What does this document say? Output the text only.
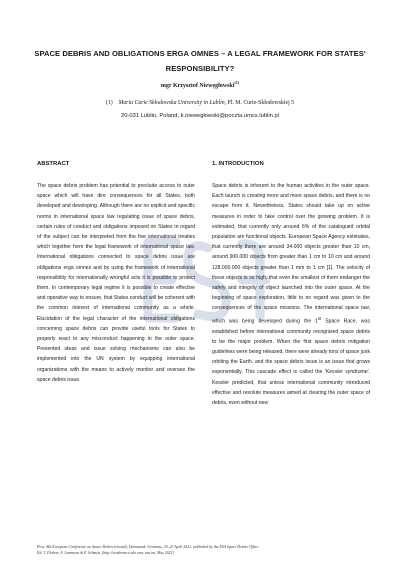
SPACE DEBRIS AND OBLIGATIONS ERGA OMNES – A LEGAL FRAMEWORK FOR STATES' RESPONSIBILITY?
mgr Krzysztof Niewęgłowski$^{(1)}$
(1) Maria Curie Skłodowska University in Lublin, Pl. M. Curie-Skłodowskiej 5
20-031 Lublin, Poland, k.niewegłowski@poczta.umcs.lublin.pl
ABSTRACT

The space debris problem has potential to preclude access to outer space which will have dire consequences for all States, both developed and developing. Although there are no explicit and specific norms in international space law regulating issue of space debris, certain rules of conduct and obligations imposed on States in regard of the subject can be interpreted from the five international treaties which together form the legal framework of international space law. International obligations connected to space debris issue are obligations erga omnes and by using the framework of international responsibility for internationally wrongful acts it is possible to protect them. In contemporary legal regime it is possible to create effective and operative way to ensure, that States conduct will be coherent with the common interest of international community as a whole. Elucidation of the legal character of the international obligations concerning space debris can provide useful tools for States to properly react to any misconduct happening in the outer space. Presented ideas and issue solving mechanisms can also be implemented into the UN system by equipping international organizations with the means to actively monitor and oversee the space debris issue.

1. INTRODUCTION

Space debris is inherent to the human activities in the outer space. Each launch is creating more and more space debris, and there is no escape from it. Nevertheless, States should take up on active measures in order to take control over the growing problem. It is estimated, that currently only around 6% of the catalogued orbital population are functional objects. European Space Agency estimates, that currently there are around 34.000 objects greater than 10 cm, around 900.000 objects from greater than 1 cm to 10 cm and around 128.000.000 objects greater than 1 mm to 1 cm [1]. The velocity of these objects is so high, that even the smallest of them endanger the safety and integrity of object launched into the outer space. At the beginning of space exploration, little to no regard was given to the consequences of the space missions. The international space law, which was being developed during the 1st Space Race, was established before international community recognized space debris to be the major problem. When the first space debris mitigation guidelines were being released, there were already tons of space junk orbiting the Earth, and the space debris issue is an issue that grows exponentially. This cascade effect is called the 'Kessler syndrome'. Kessler predicted, that unless international community introduced effective and resolute measures aimed at clearing the outer space of debris, even without new

Proc. 8th European Conference on Space Debris (virtual), Darmstadt, Germany, 20–23 April 2021, published by the ESA Space Debris Office
Ed. T. Flohrer, S. Lemmens & F. Schmitz, (http://conference.sdo.esoc.esa.int, May 2021)
